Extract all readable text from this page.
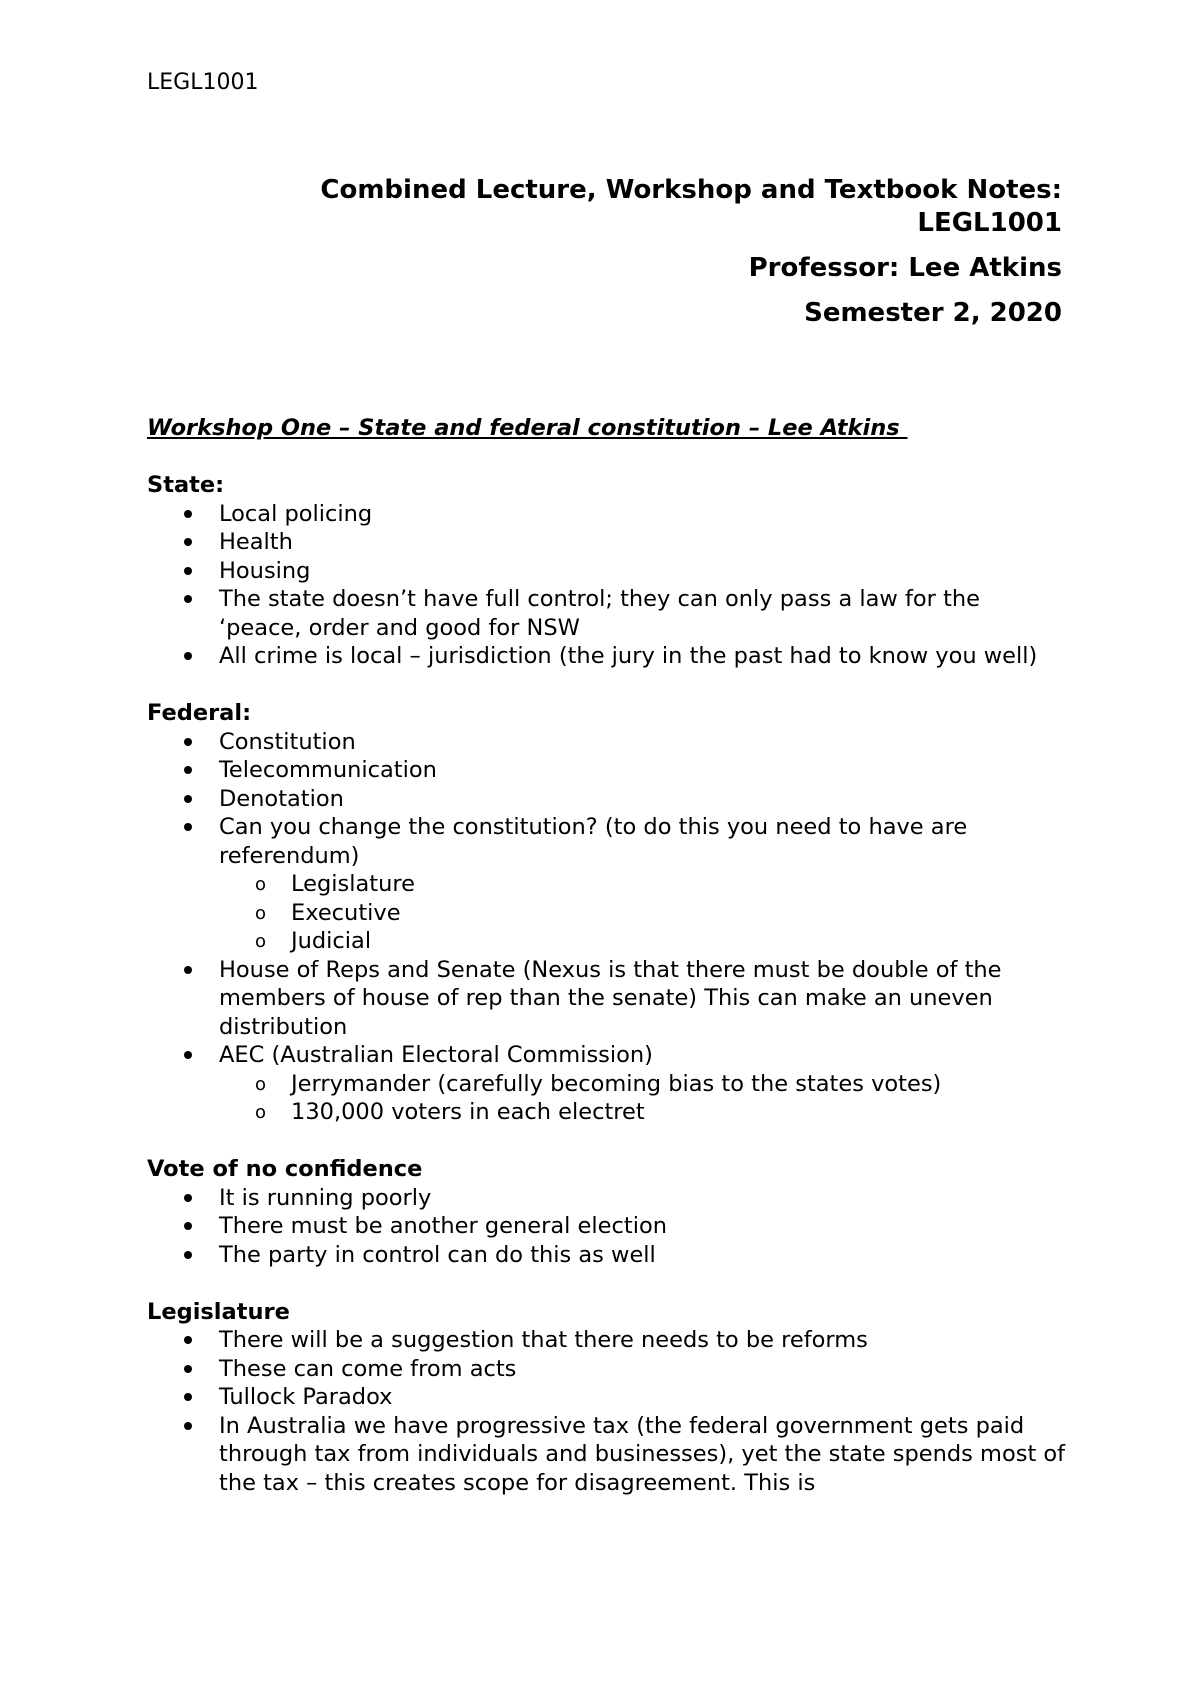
LEGL1001
Combined Lecture, Workshop and Textbook Notes:
LEGL1001
Professor: Lee Atkins
Semester 2, 2020

Workshop One – State and federal constitution – Lee Atkins

State:

Local policing
Health
Housing
The state doesn’t have full control; they can only pass a law for the ‘peace, order and good for NSW
All crime is local – jurisdiction (the jury in the past had to know you well)

Federal:

Constitution
Telecommunication
Denotation
Can you change the constitution? (to do this you need to have are referendum)
o Legislature
o Executive
o Judicial
House of Reps and Senate (Nexus is that there must be double of the members of house of rep than the senate) This can make an uneven distribution
AEC (Australian Electoral Commission)
o Jerrymander (carefully becoming bias to the states votes)
o 130,000 voters in each electret

Vote of no confidence

It is running poorly
There must be another general election
The party in control can do this as well

Legislature

There will be a suggestion that there needs to be reforms
These can come from acts
Tullock Paradox
In Australia we have progressive tax (the federal government gets paid through tax from individuals and businesses), yet the state spends most of the tax – this creates scope for disagreement. This is
